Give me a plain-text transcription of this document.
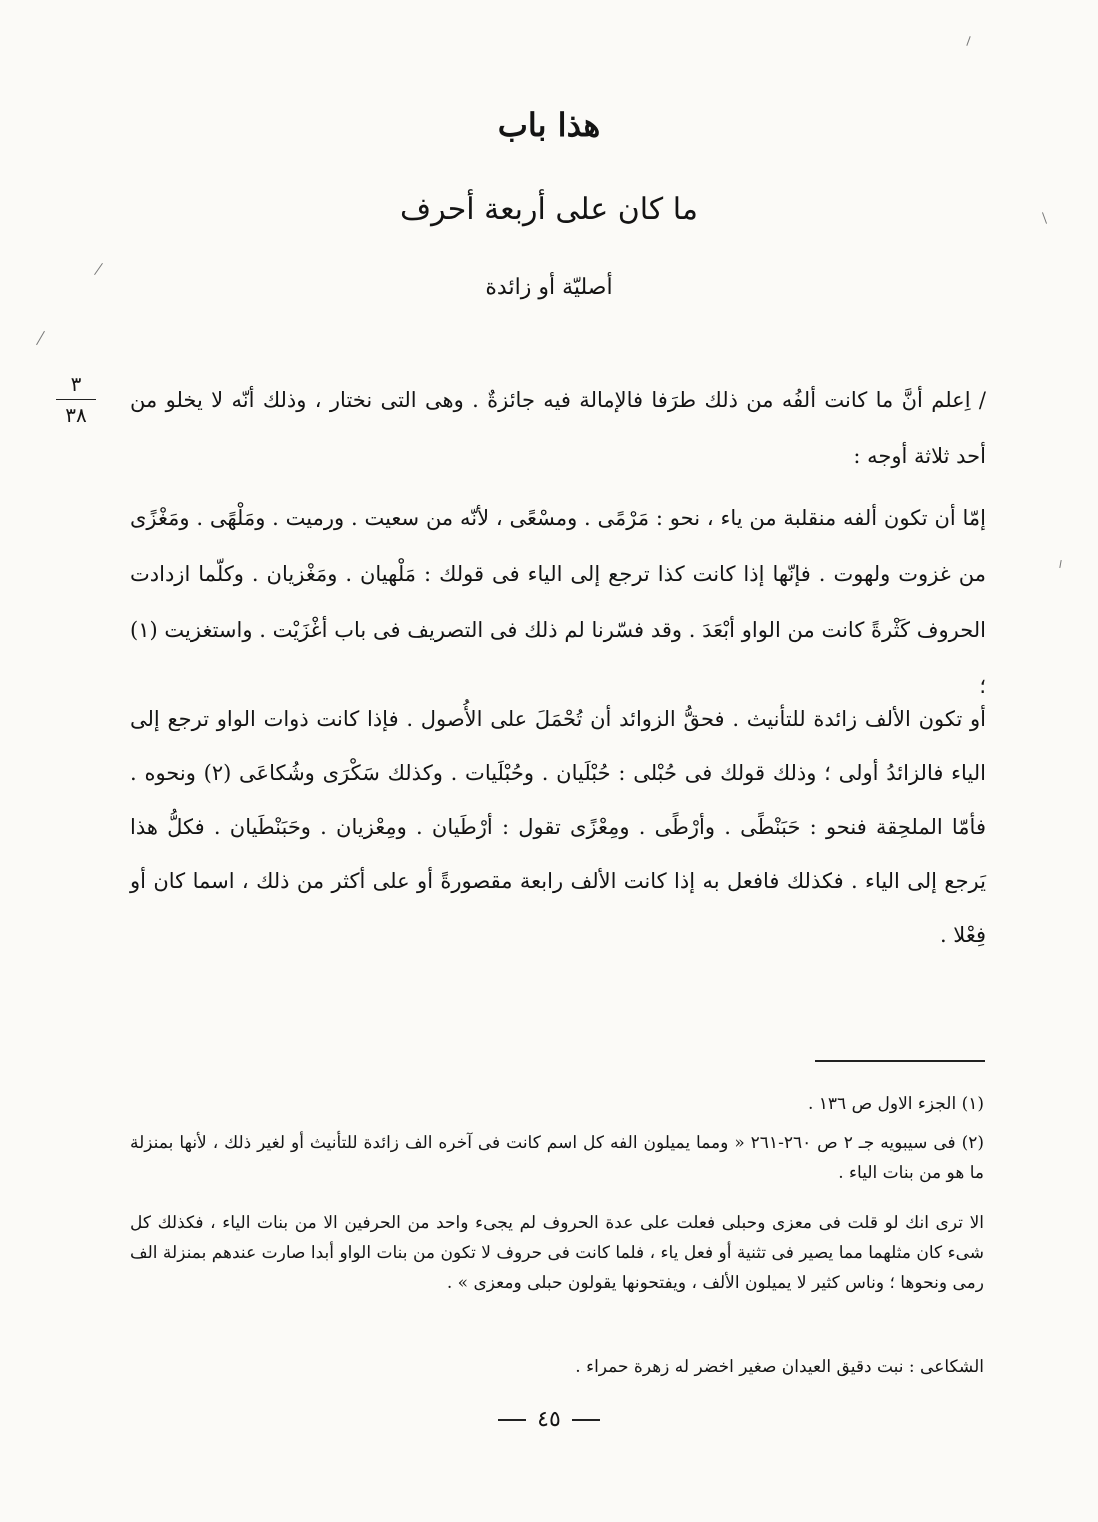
هذا باب
ما كان على أربعة أحرف
أصليّة أو زائدة
٣
٣٨

/ اِعلم أنَّ ما كانت ألفُه من ذلك طرَفا فالإمالة فيه جائزةٌ . وهى التى نختار ، وذلك أنّه لا يخلو من أحد ثلاثة أوجه :

إمّا أن تكون ألفه منقلبة من ياء ، نحو : مَرْمًى . ومسْعًى ، لأنّه من سعيت . ورميت . ومَلْهًى . ومَغْزًى من غزوت ولهوت . فإنّها إذا كانت كذا ترجع إلى الياء فى قولك : مَلْهيان . ومَغْزيان . وكلّما ازدادت الحروف كَثْرةً كانت من الواو أبْعَدَ . وقد فسّرنا لم ذلك فى التصريف فى باب أغْزَيْت . واستغزيت (١) ؛

أو تكون الألف زائدة للتأنيث . فحقُّ الزوائد أن تُحْمَلَ على الأُصول . فإذا كانت ذوات الواو ترجع إلى الياء فالزائدُ أولى ؛ وذلك قولك فى حُبْلى : حُبْلَيان . وحُبْلَيات . وكذلك سَكْرَى وشُكاعَى (٢) ونحوه . فأمّا الملحِقة فنحو : حَبَنْطًى . وأرْطًى . ومِعْزًى تقول : أرْطَيان . ومِعْزيان . وحَبَنْطَيان . فكلُّ هذا يَرجع إلى الياء . فكذلك فافعل به إذا كانت الألف رابعة مقصورةً أو على أكثر من ذلك ، اسما كان أو فِعْلا .

(١) الجزء الاول ص ١٣٦ .
(٢) فى سيبويه جـ ٢ ص ٢٦٠-٢٦١ « ومما يميلون الفه كل اسم كانت فى آخره الف زائدة للتأنيث أو لغير ذلك ، لأنها بمنزلة ما هو من بنات الياء .
الا ترى انك لو قلت فى معزى وحبلى فعلت على عدة الحروف لم يجىء واحد من الحرفين الا من بنات الياء ، فكذلك كل شىء كان مثلهما مما يصير فى تثنية أو فعل ياء ، فلما كانت فى حروف لا تكون من بنات الواو أبدا صارت عندهم بمنزلة الف رمى ونحوها ؛ وناس كثير لا يميلون الألف ، ويفتحونها يقولون حبلى ومعزى » .
الشكاعى : نبت دقيق العيدان صغير اخضر له زهرة حمراء .
٤٥
